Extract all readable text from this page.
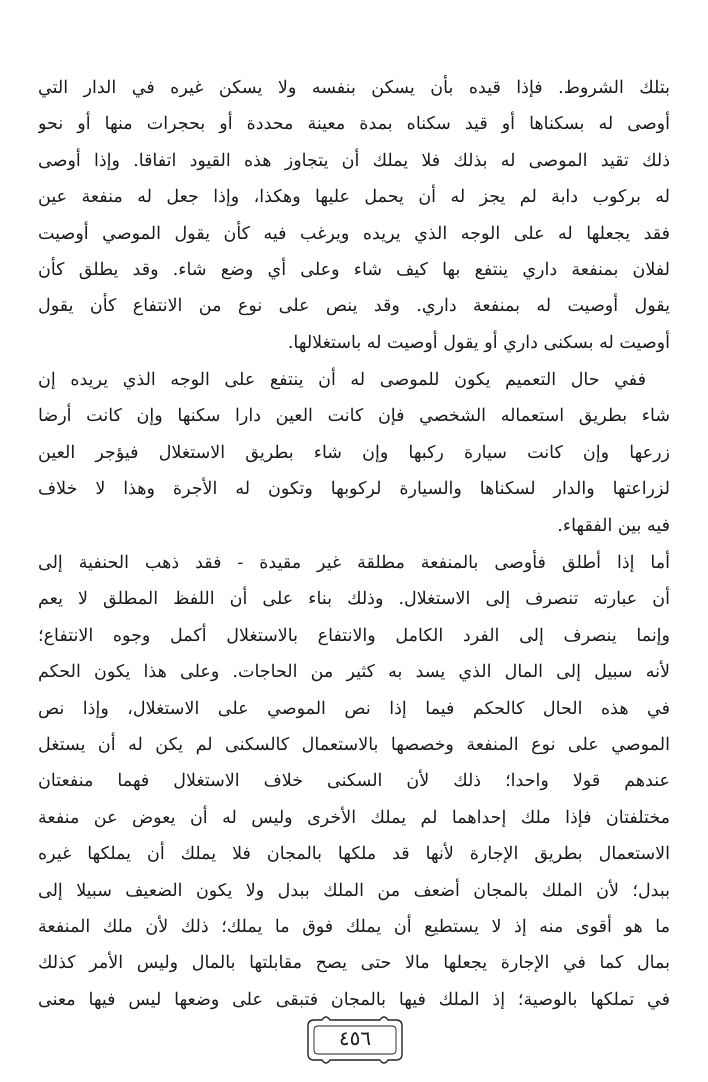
بتلك الشروط. فإذا قيده بأن يسكن بنفسه ولا يسكن غيره في الدار التي
أوصى له بسكناها أو قيد سكناه بمدة معينة محددة أو بحجرات منها أو نحو
ذلك تقيد الموصى له بذلك فلا يملك أن يتجاوز هذه القيود اتفاقا. وإذا أوصى
له بركوب دابة لم يجز له أن يحمل عليها وهكذا، وإذا جعل له منفعة عين
فقد يجعلها له على الوجه الذي يريده ويرغب فيه كأن يقول الموصي أوصيت
لفلان بمنفعة داري ينتفع بها كيف شاء وعلى أي وضع شاء. وقد يطلق كأن
يقول أوصيت له بمنفعة داري. وقد ينص على نوع من الانتفاع كأن يقول
أوصيت له بسكنى داري أو يقول أوصيت له باستغلالها.
ففي حال التعميم يكون للموصى له أن ينتفع على الوجه الذي يريده إن
شاء بطريق استعماله الشخصي فإن كانت العين دارا سكنها وإن كانت أرضا
زرعها وإن كانت سيارة ركبها وإن شاء بطريق الاستغلال فيؤجر العين
لزراعتها والدار لسكناها والسيارة لركوبها وتكون له الأجرة وهذا لا خلاف
فيه بين الفقهاء.
أما إذا أطلق فأوصى بالمنفعة مطلقة غير مقيدة - فقد ذهب الحنفية إلى
أن عبارته تنصرف إلى الاستغلال. وذلك بناء على أن اللفظ المطلق لا يعم
وإنما ينصرف إلى الفرد الكامل والانتفاع بالاستغلال أكمل وجوه الانتفاع؛
لأنه سبيل إلى المال الذي يسد به كثير من الحاجات. وعلى هذا يكون الحكم
في هذه الحال كالحكم فيما إذا نص الموصي على الاستغلال، وإذا نص
الموصي على نوع المنفعة وخصصها بالاستعمال كالسكنى لم يكن له أن يستغل
عندهم قولا واحدا؛ ذلك لأن السكنى خلاف الاستغلال فهما منفعتان
مختلفتان فإذا ملك إحداهما لم يملك الأخرى وليس له أن يعوض عن منفعة
الاستعمال بطريق الإجارة لأنها قد ملكها بالمجان فلا يملك أن يملكها غيره
ببدل؛ لأن الملك بالمجان أضعف من الملك ببدل ولا يكون الضعيف سبيلا إلى
ما هو أقوى منه إذ لا يستطيع أن يملك فوق ما يملك؛ ذلك لأن ملك المنفعة
بمال كما في الإجارة يجعلها مالا حتى يصح مقابلتها بالمال وليس الأمر كذلك
في تملكها بالوصية؛ إذ الملك فيها بالمجان فتبقى على وضعها ليس فيها معنى
٤٥٦
